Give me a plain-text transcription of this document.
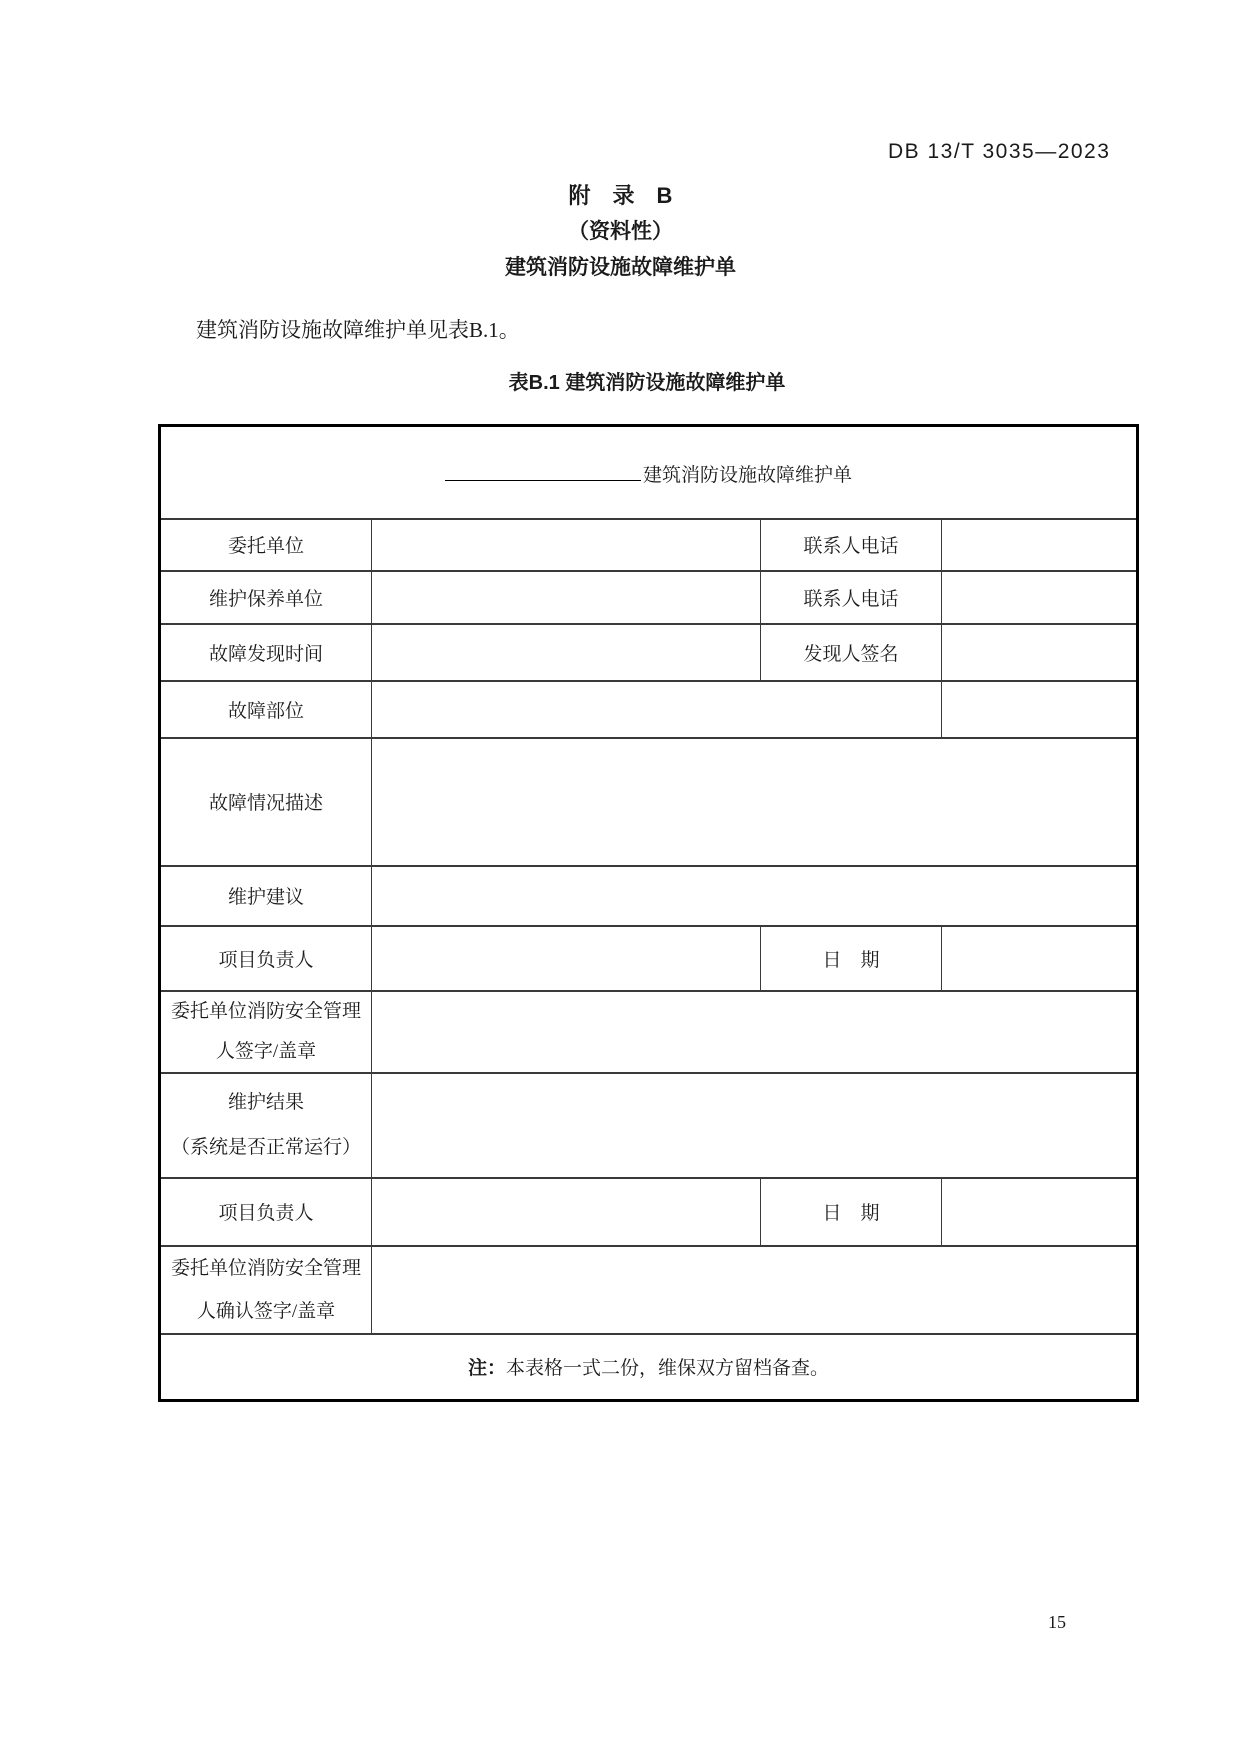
DB 13/T 3035—2023
附　录　B
（资料性）
建筑消防设施故障维护单
建筑消防设施故障维护单见表B.1。
表B.1 建筑消防设施故障维护单
建筑消防设施故障维护单			
委托单位		联系人电话	
维护保养单位		联系人电话	
故障发现时间		发现人签名	
故障部位			
故障情况描述			
维护建议			
项目负责人		日　期	

委托单位消防安全管理
人签字/盖章			

维护结果
（系统是否正常运行）			

项目负责人		日　期	

委托单位消防安全管理
人确认签字/盖章			

注：本表格一式二份，维保双方留档备查。			
15
